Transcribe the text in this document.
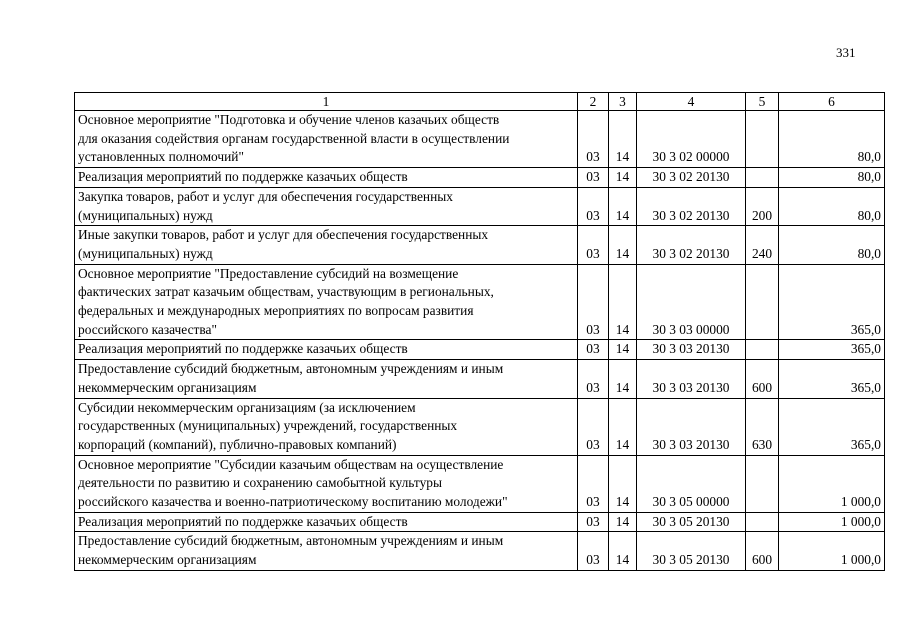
331
1	2	3	4	5	6

Основное мероприятие "Подготовка и обучение членов казачьих обществ
для оказания содействия органам государственной власти в осуществлении
установленных полномочий"	03	14	30 3 02 00000		80,0

Реализация мероприятий по поддержке казачьих обществ	03	14	30 3 02 20130		80,0

Закупка товаров, работ и услуг для обеспечения государственных
(муниципальных) нужд	03	14	30 3 02 20130	200	80,0

Иные закупки товаров, работ и услуг для обеспечения государственных
(муниципальных) нужд	03	14	30 3 02 20130	240	80,0

Основное мероприятие "Предоставление субсидий на возмещение
фактических затрат казачьим обществам, участвующим в региональных,
федеральных и международных мероприятиях по вопросам развития
российского казачества"	03	14	30 3 03 00000		365,0

Реализация мероприятий по поддержке казачьих обществ	03	14	30 3 03 20130		365,0

Предоставление субсидий бюджетным, автономным учреждениям и иным
некоммерческим организациям	03	14	30 3 03 20130	600	365,0

Субсидии некоммерческим организациям (за исключением
государственных (муниципальных) учреждений, государственных
корпораций (компаний), публично-правовых компаний)	03	14	30 3 03 20130	630	365,0

Основное мероприятие "Субсидии казачьим обществам на осуществление
деятельности по развитию и сохранению самобытной культуры
российского казачества и военно-патриотическому воспитанию молодежи"	03	14	30 3 05 00000		1 000,0

Реализация мероприятий по поддержке казачьих обществ	03	14	30 3 05 20130		1 000,0

Предоставление субсидий бюджетным, автономным учреждениям и иным
некоммерческим организациям	03	14	30 3 05 20130	600	1 000,0
